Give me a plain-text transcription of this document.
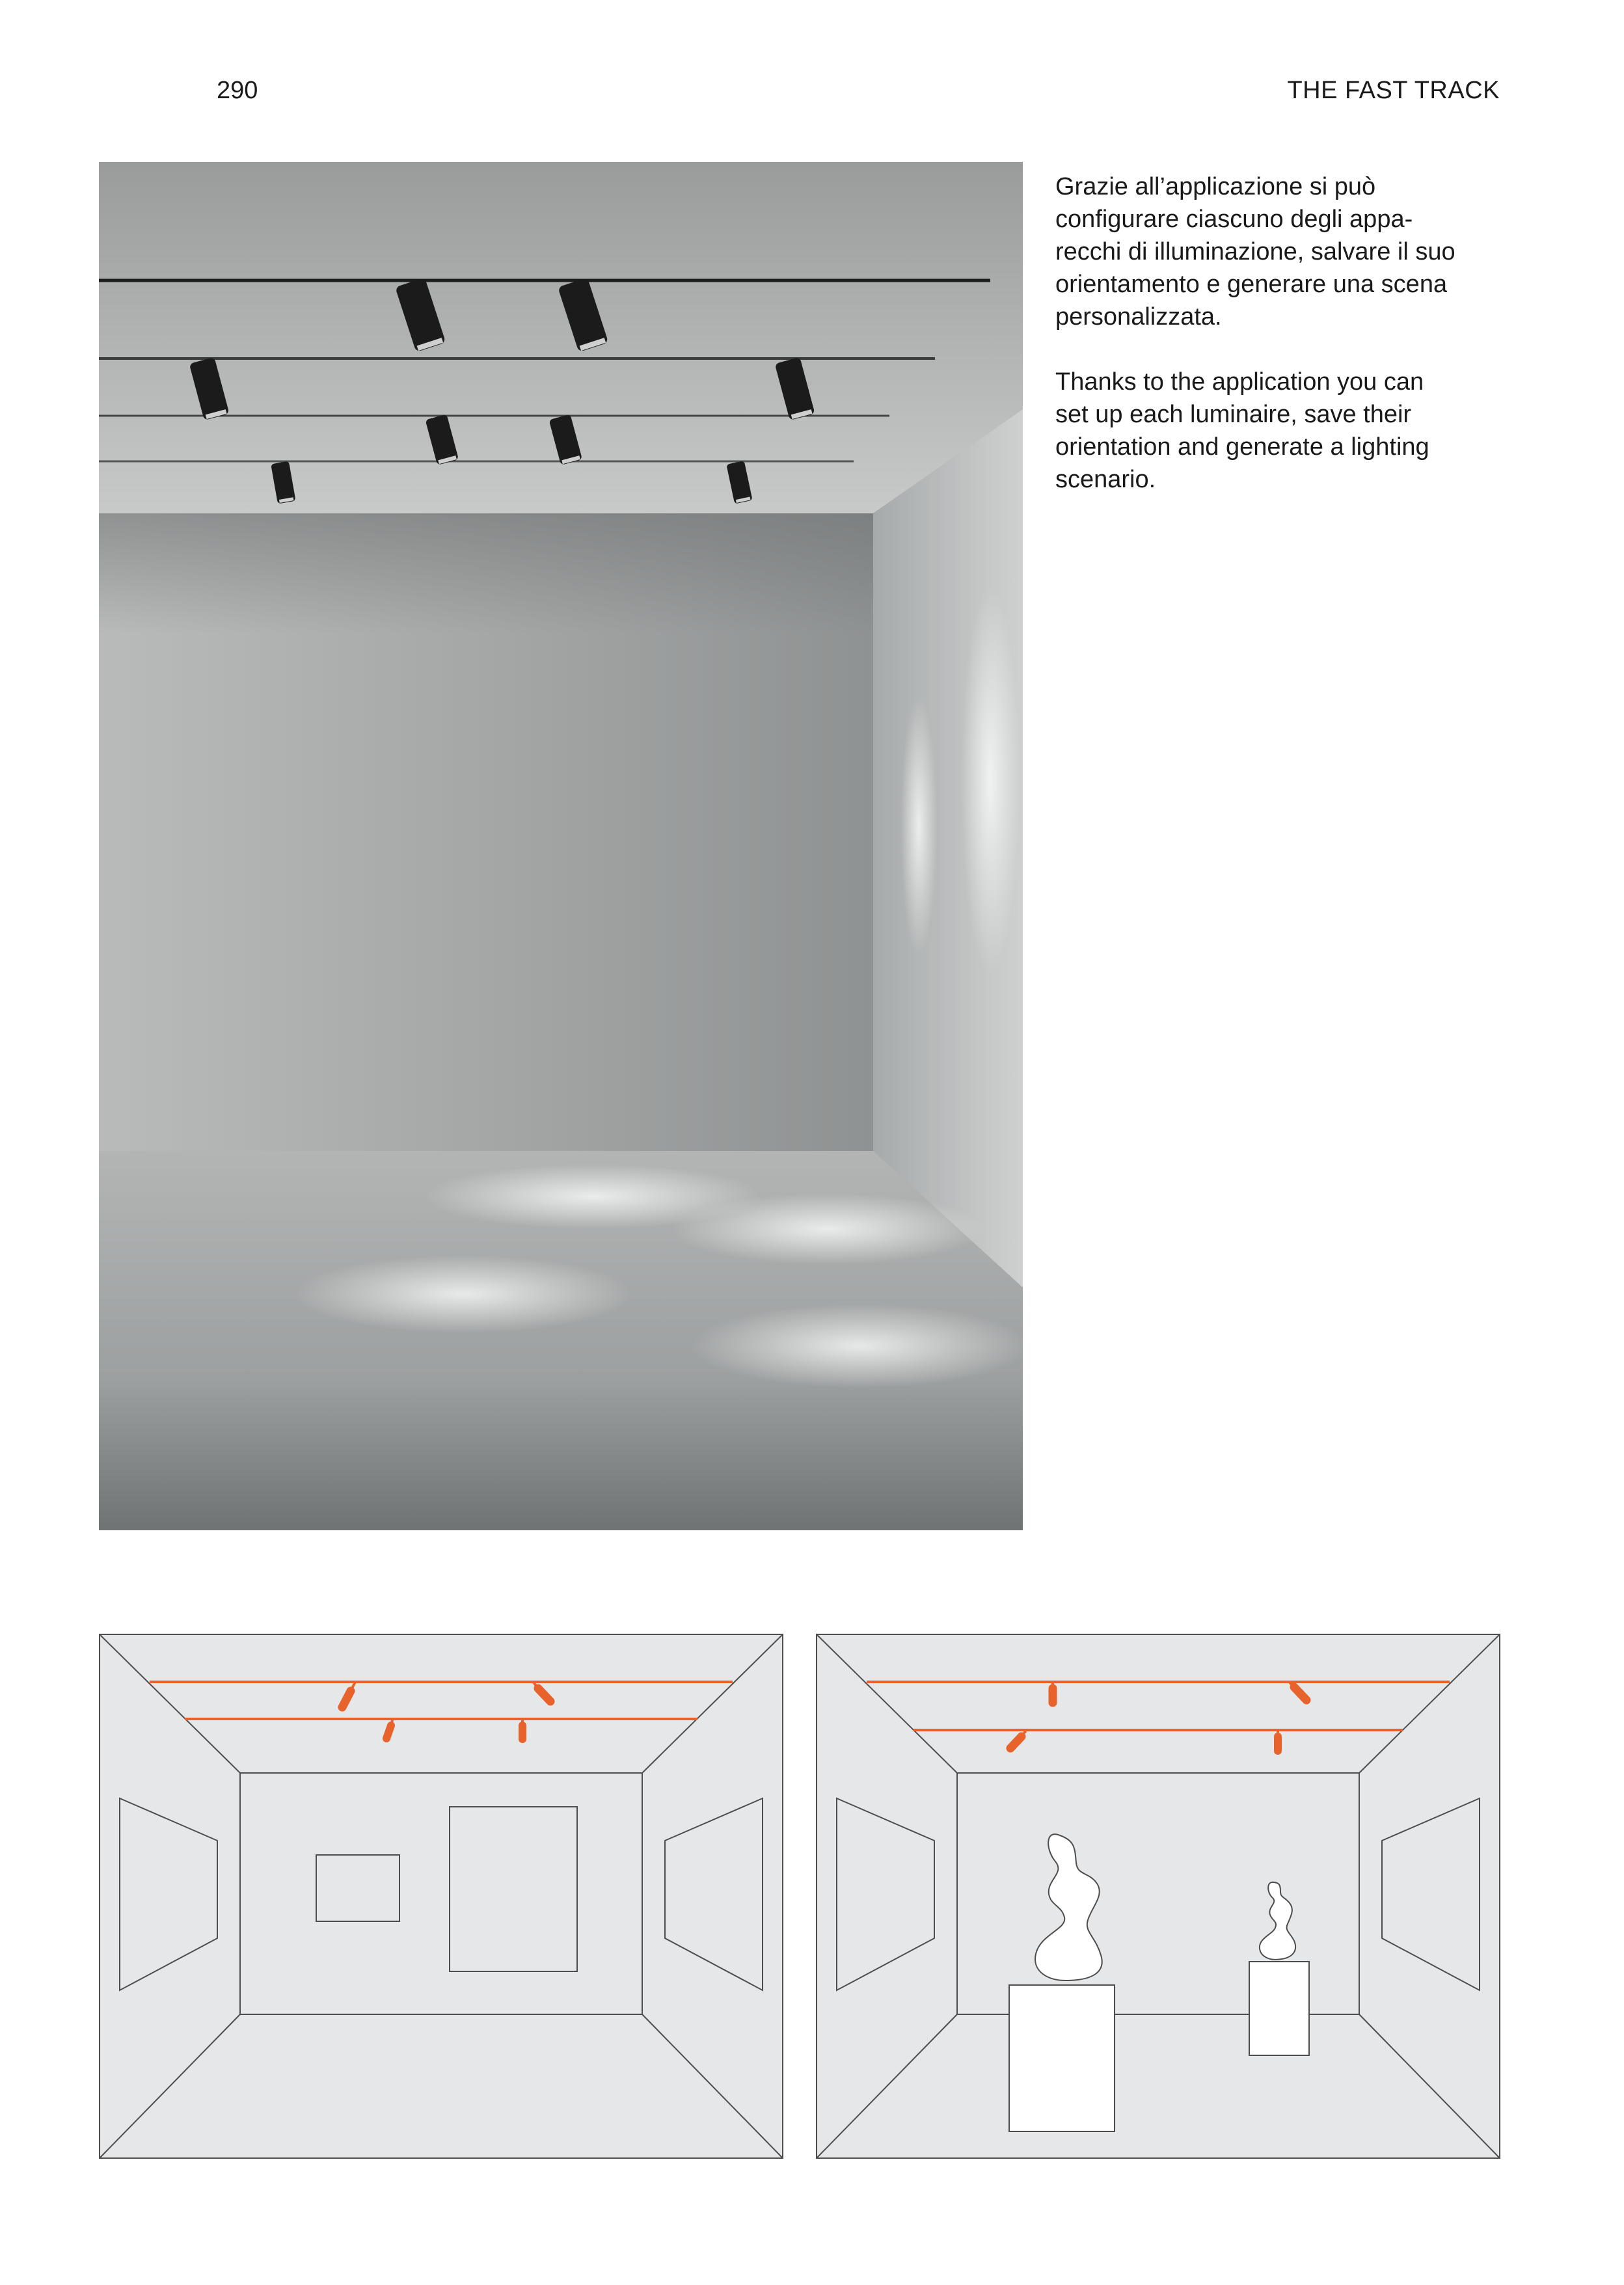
290	THE FAST TRACK

Grazie all’applicazione si può
configurare ciascuno degli appa-
recchi di illuminazione, salvare il suo
orientamento e generare una scena
personalizzata.

Thanks to the application you can
set up each luminaire, save their
orientation and generate a lighting
scenario.
